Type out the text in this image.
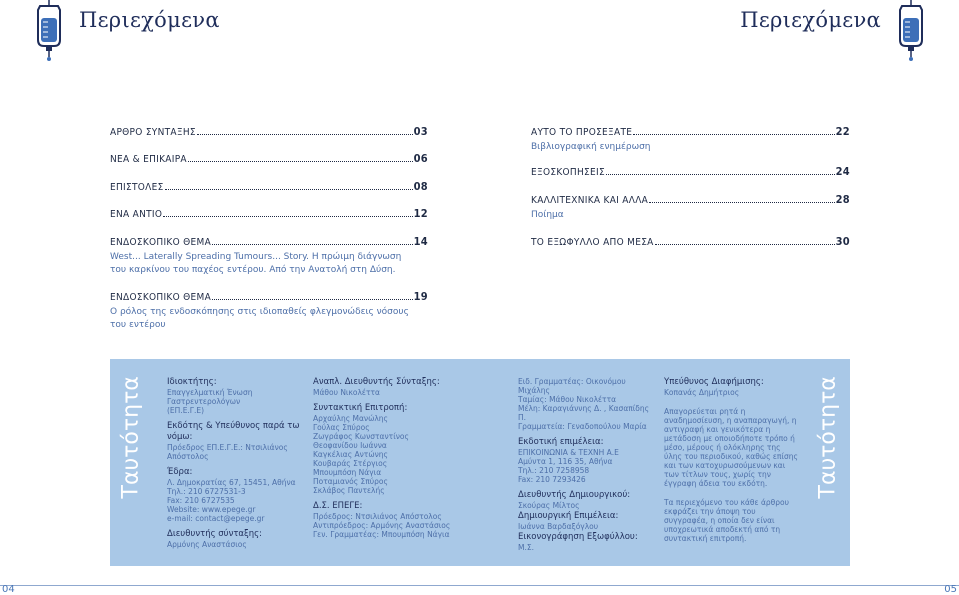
Περιεχόμενα	Περιεχόμενα
ΑΡΘΡΟ ΣΥΝΤΑΞΗΣ	03
ΝΕΑ & ΕΠΙΚΑΙΡΑ	06
ΕΠΙΣΤΟΛΕΣ	08
ΕΝΑ ΑΝΤΙΟ	12
ΕΝΔΟΣΚΟΠΙΚΟ ΘΕΜΑ	14
West... Laterally Spreading Tumours... Story. Η πρώιμη διάγνωση του καρκίνου του παχέος εντέρου. Από την Ανατολή στη Δύση.
ΕΝΔΟΣΚΟΠΙΚΟ ΘΕΜΑ	19
Ο ρόλος της ενδοσκόπησης στις ιδιοπαθείς φλεγμονώδεις νόσους του εντέρου
ΑΥΤΟ ΤΟ ΠΡΟΣΕΞΑΤΕ	22
Βιβλιογραφική ενημέρωση
ΕΞΟΣΚΟΠΗΣΕΙΣ	24
ΚΑΛΛΙΤΕΧΝΙΚΑ ΚΑΙ ΑΛΛΑ	28
Ποίημα
ΤΟ ΕΞΩΦΥΛΛΟ ΑΠΟ ΜΕΣΑ	30
Ταυτότητα	Ταυτότητα
Ιδιοκτήτης:
Επαγγελματική Ένωση Γαστρεντερολόγων
(ΕΠ.Ε.Γ.Ε)
Εκδότης & Υπεύθυνος παρά τω νόμω:
Πρόεδρος ΕΠ.Ε.Γ.Ε.: Ντσιλιάνος
Απόστολος
Έδρα:
Λ. Δημοκρατίας 67, 15451, Αθήνα
Τηλ.: 210 6727531-3
Fax: 210 6727535
Website: www.epege.gr
e-mail: contact@epege.gr
Διευθυντής σύνταξης:
Αρμόνης Αναστάσιος
Αναπλ. Διευθυντής Σύνταξης:
Μάθου Νικολέττα
Συντακτική Επιτροπή:
Αρχαύλης Μανώλης
Γούλας Σπύρος
Ζωγράφος Κωνσταντίνος
Θεοφανίδου Ιωάννα
Καγκέλιας Αντώνης
Κουβαράς Στέργιος
Μπουμπόση Νάγια
Ποταμιανός Σπύρος
Σκλάβος Παντελής
Δ.Σ. ΕΠΕΓΕ:
Πρόεδρος: Ντσιλιάνος Απόστολος
Αντιπρόεδρος: Αρμόνης Αναστάσιος
Γεν. Γραμματέας: Μπουμπόση Νάγια
Ειδ. Γραμματέας: Οικονόμου Μιχάλης
Ταμίας: Μάθου Νικολέττα
Μέλη: Καραγιάννης Δ. , Κασαπίδης Π.
Γραμματεία: Γεναδοπούλου Μαρία
Εκδοτική επιμέλεια:
ΕΠΙΚΟΙΝΩΝΙΑ & ΤΕΧΝΗ Α.Ε
Αμύντα 1, 116 35, Αθήνα
Τηλ.: 210 7258958
Fax: 210 7293426
Διευθυντής Δημιουργικού:
Σκούρας Μίλτος
Δημιουργική Επιμέλεια:
Ιωάννα Βαρδαξόγλου
Εικονογράφηση Εξωφύλλου:
Μ.Σ.
Υπεύθυνος Διαφήμισης:
Κοπανάς Δημήτριος
Απαγορεύεται ρητά η αναδημοσίευση, η αναπαραγωγή, η αντιγραφή και γενικότερα η μετάδοση με οποιοδήποτε τρόπο ή μέσο, μέρους ή ολόκληρης της ύλης του περιοδικού, καθώς επίσης και των κατοχυρωσούμενων και των τίτλων τους, χωρίς την έγγραφη άδεια του εκδότη.
Τα περιεχόμενο του κάθε άρθρου εκφράζει την άποψη του συγγραφέα, η οποία δεν είναι υποχρεωτικά αποδεκτή από τη συντακτική επιτροπή.
04	05
